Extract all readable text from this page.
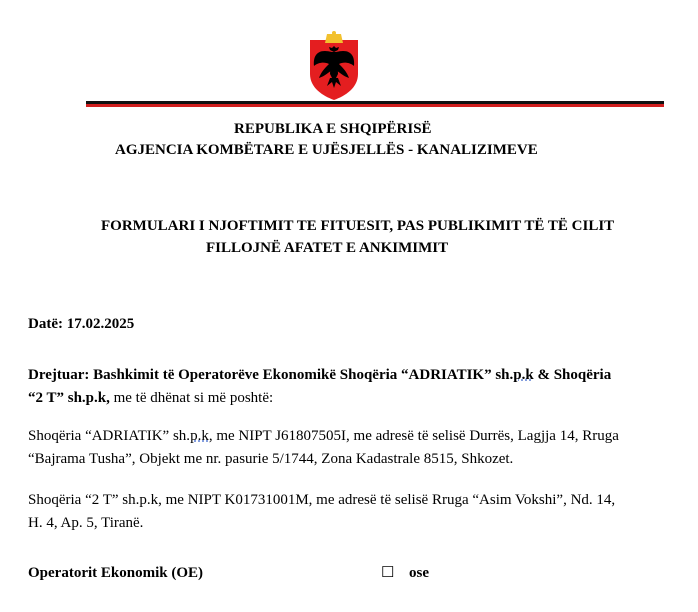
REPUBLIKA E SHQIPËRISË
AGJENCIA KOMBËTARE E UJËSJELLËS - KANALIZIMEVE
FORMULARI I NJOFTIMIT TE FITUESIT, PAS PUBLIKIMIT TË TË CILIT
FILLOJNË AFATET E ANKIMIMIT
Datë: 17.02.2025
Drejtuar: Bashkimit të Operatorëve Ekonomikë Shoqëria “ADRIATIK” sh.p.k & Shoqëria
“2 T” sh.p.k, me të dhënat si më poshtë:
Shoqëria “ADRIATIK” sh.p.k, me NIPT J61807505I, me adresë të selisë Durrës, Lagjja 14, Rruga
“Bajrama Tusha”, Objekt me nr. pasurie 5/1744, Zona Kadastrale 8515, Shkozet.
Shoqëria “2 T” sh.p.k, me NIPT K01731001M, me adresë të selisë Rruga “Asim Vokshi”, Nd. 14,
H. 4, Ap. 5, Tiranë.
Operatorit Ekonomik (OE)	☐ ose
